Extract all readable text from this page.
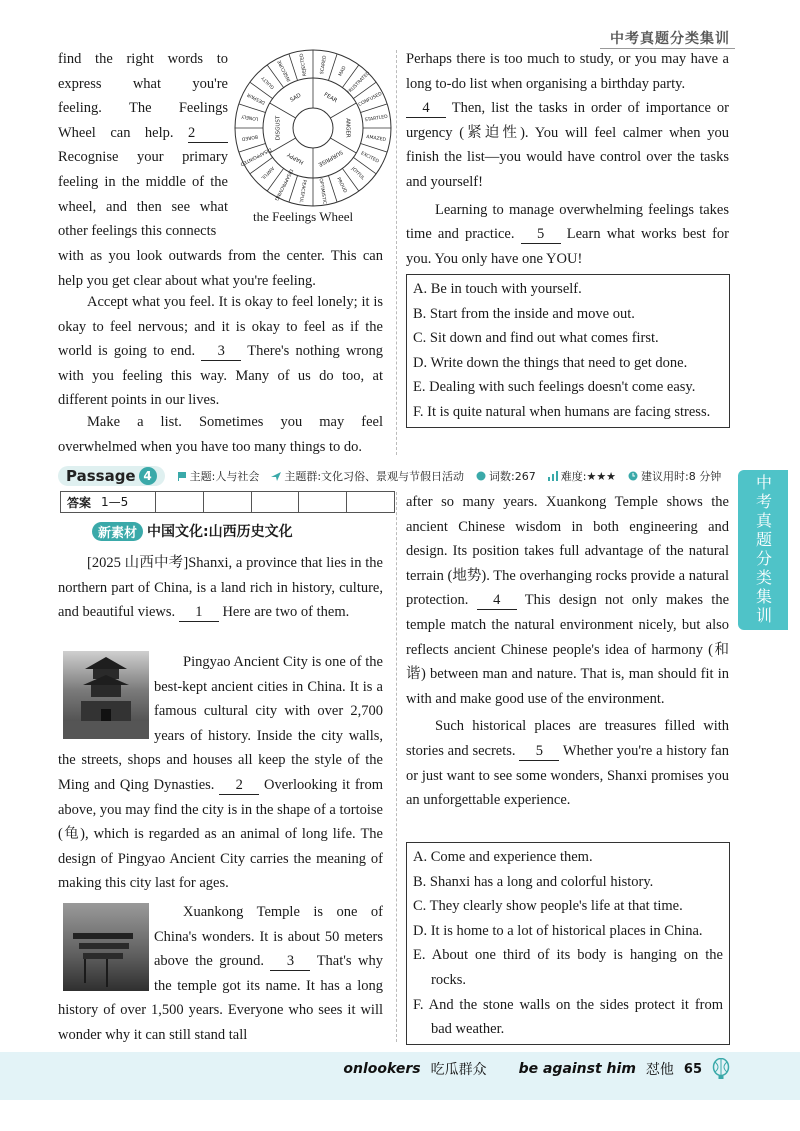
中考真题分类集训
find the right words to
express what you're
feeling. The Feelings
Wheel can help. 2
Recognise your primary
feeling in the middle of the
wheel, and then see what
other feelings this connects
FEAR
ANGER
SURPRISE
HAPPY
DISGUST
SAD
SCARED MAD FRUSTRATED
CONFUSED
STARTLED
AMAZED
EXCITED
JOYFUL
PROUD
OPTIMISTIC
PEACEFUL
DISAPPROVING
AWFUL
DISAPPOINTED
BORED
LONELY
DESPAIR
GUILTY
INSECURE REJECTED
the Feelings Wheel

with as you look outwards from the center. This can help you get clear about what you're feeling.

Accept what you feel. It is okay to feel lonely; it is okay to feel nervous; and it is okay to feel as if the world is going to end. 3 There's nothing wrong with you feeling this way. Many of us do too, at different points in our lives.

Make a list. Sometimes you may feel overwhelmed when you have too many things to do.

Perhaps there is too much to study, or you may have a long to-do list when organising a birthday party.

4 Then, list the tasks in order of importance or urgency (紧迫性). You will feel calmer when you finish the list—you would have control over the tasks and yourself!

Learning to manage overwhelming feelings takes time and practice. 5 Learn what works best for you. You only have one YOU!

A. Be in touch with yourself.
B. Start from the inside and move out.
C. Sit down and find out what comes first.
D. Write down the things that need to get done.
E. Dealing with such feelings doesn't come easy.
F. It is quite natural when humans are facing stress.
Passage 4	主题:人与社会 主题群:文化习俗、景观与节假日活动 词数:267 难度:★★★ 建议用时:8 分钟
答案 1—5
新素材 中国文化:山西历史文化

[2025 山西中考]Shanxi, a province that lies in the northern part of China, is a land rich in history, culture, and beautiful views. 1 Here are two of them.

Pingyao Ancient City is one of the best-kept ancient cities in China. It is a famous cultural city with over 2,700 years of history. Inside the city walls, the streets, shops and houses all keep the style of the Ming and Qing Dynasties. 2 Overlooking it from above, you may find the city is in the shape of a tortoise (龟), which is regarded as an animal of long life. The design of Pingyao Ancient City carries the meaning of making this city last for ages.

Xuankong Temple is one of China's wonders. It is about 50 meters above the ground. 3 That's why the temple got its name. It has a long history of over 1,500 years. Everyone who sees it will wonder why it can still stand tall

after so many years. Xuankong Temple shows the ancient Chinese wisdom in both engineering and design. Its position takes full advantage of the natural terrain (地势). The overhanging rocks provide a natural protection. 4 This design not only makes the temple match the natural environment nicely, but also reflects ancient Chinese people's idea of harmony (和谐) between man and nature. That is, man should fit in with and make good use of the environment.

Such historical places are treasures filled with stories and secrets. 5 Whether you're a history fan or just want to see some wonders, Shanxi promises you an unforgettable experience.

A. Come and experience them.
B. Shanxi has a long and colorful history.
C. They clearly show people's life at that time.
D. It is home to a lot of historical places in China.
E. About one third of its body is hanging on the rocks.
F. And the stone walls on the sides protect it from bad weather.
中考真题分类集训
onlookers 吃瓜群众 be against him 怼他 65
